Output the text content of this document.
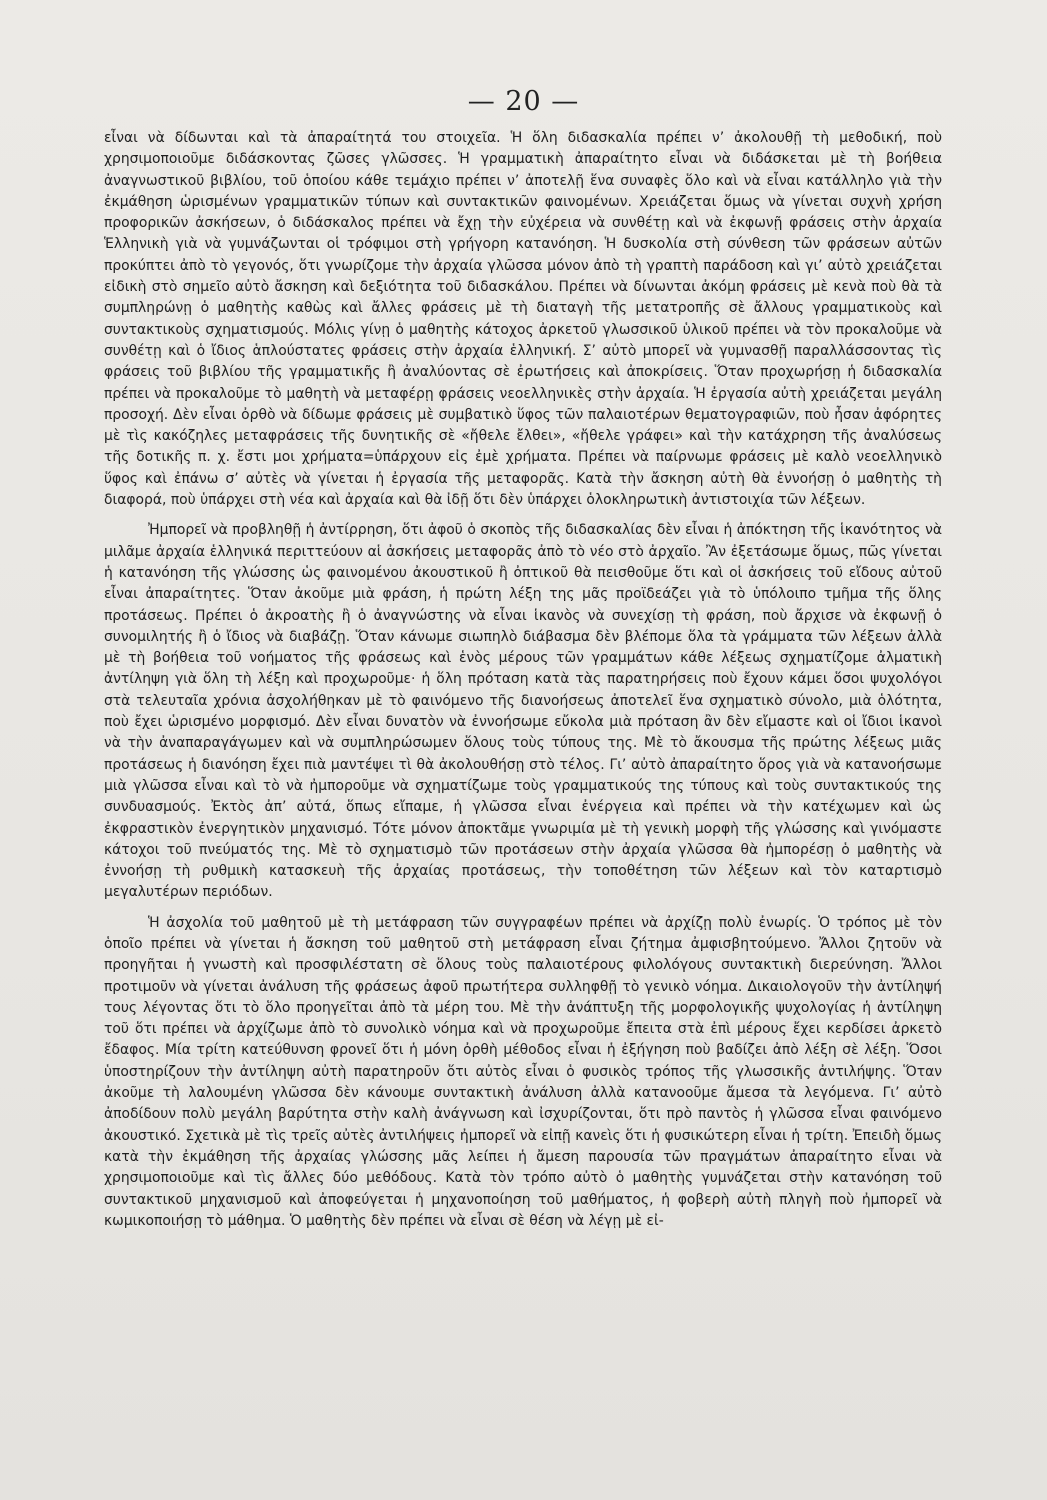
— 20 —

εἶναι νὰ δίδωνται καὶ τὰ ἀπαραίτητά του στοιχεῖα. Ἡ ὅλη διδασκαλία πρέπει ν’ ἀκολουθῇ τὴ μεθοδική, ποὺ χρησιμοποιοῦμε διδάσκοντας ζῶσες γλῶσσες. Ἡ γραμματικὴ ἀπαραίτητο εἶναι νὰ διδάσκεται μὲ τὴ βοήθεια ἀναγνωστικοῦ βιβλίου, τοῦ ὁποίου κάθε τεμάχιο πρέπει ν’ ἀποτελῇ ἕνα συναφὲς ὅλο καὶ νὰ εἶναι κατάλληλο γιὰ τὴν ἐκμάθηση ὡρισμένων γραμματικῶν τύπων καὶ συντακτικῶν φαινομένων. Χρειάζεται ὅμως νὰ γίνεται συχνὴ χρήση προφορικῶν ἀσκήσεων, ὁ διδάσκαλος πρέπει νὰ ἔχῃ τὴν εὐχέρεια νὰ συνθέτῃ καὶ νὰ ἐκφωνῇ φράσεις στὴν ἀρχαία Ἑλληνικὴ γιὰ νὰ γυμνάζωνται οἱ τρόφιμοι στὴ γρήγορη κατανόηση. Ἡ δυσκολία στὴ σύνθεση τῶν φράσεων αὐτῶν προκύπτει ἀπὸ τὸ γεγονός, ὅτι γνωρίζομε τὴν ἀρχαία γλῶσσα μόνον ἀπὸ τὴ γραπτὴ παράδοση καὶ γι’ αὐτὸ χρειάζεται εἰδικὴ στὸ σημεῖο αὐτὸ ἄσκηση καὶ δεξιότητα τοῦ διδασκάλου. Πρέπει νὰ δίνωνται ἀκόμη φράσεις μὲ κενὰ ποὺ θὰ τὰ συμπληρώνῃ ὁ μαθητὴς καθὼς καὶ ἄλλες φράσεις μὲ τὴ διαταγὴ τῆς μετατροπῆς σὲ ἄλλους γραμματικοὺς καὶ συντακτικοὺς σχηματισμούς. Μόλις γίνῃ ὁ μαθητὴς κάτοχος ἀρκετοῦ γλωσσικοῦ ὑλικοῦ πρέπει νὰ τὸν προκαλοῦμε νὰ συνθέτῃ καὶ ὁ ἴδιος ἁπλούστατες φράσεις στὴν ἀρχαία ἑλληνική. Σ’ αὐτὸ μπορεῖ νὰ γυμνασθῇ παραλλάσσοντας τὶς φράσεις τοῦ βιβλίου τῆς γραμματικῆς ἢ ἀναλύοντας σὲ ἐρωτήσεις καὶ ἀποκρίσεις. Ὅταν προχωρήσῃ ἡ διδασκαλία πρέπει νὰ προκαλοῦμε τὸ μαθητὴ νὰ μεταφέρῃ φράσεις νεοελληνικὲς στὴν ἀρχαία. Ἡ ἐργασία αὐτὴ χρειάζεται μεγάλη προσοχή. Δὲν εἶναι ὀρθὸ νὰ δίδωμε φράσεις μὲ συμβατικὸ ὕφος τῶν παλαιοτέρων θεματογραφιῶν, ποὺ ἦσαν ἀφόρητες μὲ τὶς κακόζηλες μεταφράσεις τῆς δυνητικῆς σὲ «ἤθελε ἔλθει», «ἤθελε γράφει» καὶ τὴν κατάχρηση τῆς ἀναλύσεως τῆς δοτικῆς π. χ. ἔστι μοι χρήματα=ὑπάρχουν εἰς ἐμὲ χρήματα. Πρέπει νὰ παίρνωμε φράσεις μὲ καλὸ νεοελληνικὸ ὕφος καὶ ἐπάνω σ’ αὐτὲς νὰ γίνεται ἡ ἐργασία τῆς μεταφορᾶς. Κατὰ τὴν ἄσκηση αὐτὴ θὰ ἐννοήσῃ ὁ μαθητὴς τὴ διαφορά, ποὺ ὑπάρχει στὴ νέα καὶ ἀρχαία καὶ θὰ ἰδῇ ὅτι δὲν ὑπάρχει ὁλοκληρωτικὴ ἀντιστοιχία τῶν λέξεων.

Ἠμπορεῖ νὰ προβληθῇ ἡ ἀντίρρηση, ὅτι ἀφοῦ ὁ σκοπὸς τῆς διδασκαλίας δὲν εἶναι ἡ ἀπόκτηση τῆς ἱκανότητος νὰ μιλᾶμε ἀρχαία ἑλληνικά περιττεύουν αἱ ἀσκήσεις μεταφορᾶς ἀπὸ τὸ νέο στὸ ἀρχαῖο. Ἂν ἐξετάσωμε ὅμως, πῶς γίνεται ἡ κατανόηση τῆς γλώσσης ὡς φαινομένου ἀκουστικοῦ ἢ ὀπτικοῦ θὰ πεισθοῦμε ὅτι καὶ οἱ ἀσκήσεις τοῦ εἴδους αὐτοῦ εἶναι ἀπαραίτητες. Ὅταν ἀκοῦμε μιὰ φράση, ἡ πρώτη λέξη της μᾶς προϊδεάζει γιὰ τὸ ὑπόλοιπο τμῆμα τῆς ὅλης προτάσεως. Πρέπει ὁ ἀκροατὴς ἢ ὁ ἀναγνώστης νὰ εἶναι ἱκανὸς νὰ συνεχίσῃ τὴ φράση, ποὺ ἄρχισε νὰ ἐκφωνῇ ὁ συνομιλητής ἢ ὁ ἴδιος νὰ διαβάζῃ. Ὅταν κάνωμε σιωπηλὸ διάβασμα δὲν βλέπομε ὅλα τὰ γράμματα τῶν λέξεων ἀλλὰ μὲ τὴ βοήθεια τοῦ νοήματος τῆς φράσεως καὶ ἑνὸς μέρους τῶν γραμμάτων κάθε λέξεως σχηματίζομε ἀλματικὴ ἀντίληψη γιὰ ὅλη τὴ λέξη καὶ προχωροῦμε· ἡ ὅλη πρόταση κατὰ τὰς παρατηρήσεις ποὺ ἔχουν κάμει ὅσοι ψυχολόγοι στὰ τελευταῖα χρόνια ἀσχολήθηκαν μὲ τὸ φαινόμενο τῆς διανοήσεως ἀποτελεῖ ἕνα σχηματικὸ σύνολο, μιὰ ὁλότητα, ποὺ ἔχει ὡρισμένο μορφισμό. Δὲν εἶναι δυνατὸν νὰ ἐννοήσωμε εὔκολα μιὰ πρόταση ἂν δὲν εἴμαστε καὶ οἱ ἴδιοι ἱκανοὶ νὰ τὴν ἀναπαραγάγωμεν καὶ νὰ συμπληρώσωμεν ὅλους τοὺς τύπους της. Μὲ τὸ ἄκουσμα τῆς πρώτης λέξεως μιᾶς προτάσεως ἡ διανόηση ἔχει πιὰ μαντέψει τὶ θὰ ἀκολουθήσῃ στὸ τέλος. Γι’ αὐτὸ ἀπαραίτητο ὅρος γιὰ νὰ κατανοήσωμε μιὰ γλῶσσα εἶναι καὶ τὸ νὰ ἠμποροῦμε νὰ σχηματίζωμε τοὺς γραμματικούς της τύπους καὶ τοὺς συντακτικούς της συνδυασμούς. Ἐκτὸς ἀπ’ αὐτά, ὅπως εἴπαμε, ἡ γλῶσσα εἶναι ἐνέργεια καὶ πρέπει νὰ τὴν κατέχωμεν καὶ ὡς ἐκφραστικὸν ἐνεργητικὸν μηχανισμό. Τότε μόνον ἀποκτᾶμε γνωριμία μὲ τὴ γενικὴ μορφὴ τῆς γλώσσης καὶ γινόμαστε κάτοχοι τοῦ πνεύματός της. Μὲ τὸ σχηματισμὸ τῶν προτάσεων στὴν ἀρχαία γλῶσσα θὰ ἠμπορέσῃ ὁ μαθητὴς νὰ ἐννοήσῃ τὴ ρυθμικὴ κατασκευὴ τῆς ἀρχαίας προτάσεως, τὴν τοποθέτηση τῶν λέξεων καὶ τὸν καταρτισμὸ μεγαλυτέρων περιόδων.

Ἡ ἀσχολία τοῦ μαθητοῦ μὲ τὴ μετάφραση τῶν συγγραφέων πρέπει νὰ ἀρχίζῃ πολὺ ἐνωρίς. Ὁ τρόπος μὲ τὸν ὁποῖο πρέπει νὰ γίνεται ἡ ἄσκηση τοῦ μαθητοῦ στὴ μετάφραση εἶναι ζήτημα ἀμφισβητούμενο. Ἄλλοι ζητοῦν νὰ προηγῆται ἡ γνωστὴ καὶ προσφιλέστατη σὲ ὅλους τοὺς παλαιοτέρους φιλολόγους συντακτικὴ διερεύνηση. Ἄλλοι προτιμοῦν νὰ γίνεται ἀνάλυση τῆς φράσεως ἀφοῦ πρωτήτερα συλληφθῇ τὸ γενικὸ νόημα. Δικαιολογοῦν τὴν ἀντίληψή τους λέγοντας ὅτι τὸ ὅλο προηγεῖται ἀπὸ τὰ μέρη του. Μὲ τὴν ἀνάπτυξη τῆς μορφολογικῆς ψυχολογίας ἡ ἀντίληψη τοῦ ὅτι πρέπει νὰ ἀρχίζωμε ἀπὸ τὸ συνολικὸ νόημα καὶ νὰ προχωροῦμε ἔπειτα στὰ ἐπὶ μέρους ἔχει κερδίσει ἀρκετὸ ἔδαφος. Μία τρίτη κατεύθυνση φρονεῖ ὅτι ἡ μόνη ὀρθὴ μέθοδος εἶναι ἡ ἐξήγηση ποὺ βαδίζει ἀπὸ λέξη σὲ λέξη. Ὅσοι ὑποστηρίζουν τὴν ἀντίληψη αὐτὴ παρατηροῦν ὅτι αὐτὸς εἶναι ὁ φυσικὸς τρόπος τῆς γλωσσικῆς ἀντιλήψης. Ὅταν ἀκοῦμε τὴ λαλουμένη γλῶσσα δὲν κάνουμε συντακτικὴ ἀνάλυση ἀλλὰ κατανοοῦμε ἄμεσα τὰ λεγόμενα. Γι’ αὐτὸ ἀποδίδουν πολὺ μεγάλη βαρύτητα στὴν καλὴ ἀνάγνωση καὶ ἰσχυρίζονται, ὅτι πρὸ παντὸς ἡ γλῶσσα εἶναι φαινόμενο ἀκουστικό. Σχετικὰ μὲ τὶς τρεῖς αὐτὲς ἀντιλήψεις ἠμπορεῖ νὰ εἰπῇ κανεὶς ὅτι ἡ φυσικώτερη εἶναι ἡ τρίτη. Ἐπειδὴ ὅμως κατὰ τὴν ἐκμάθηση τῆς ἀρχαίας γλώσσης μᾶς λείπει ἡ ἄμεση παρουσία τῶν πραγμάτων ἀπαραίτητο εἶναι νὰ χρησιμοποιοῦμε καὶ τὶς ἄλλες δύο μεθόδους. Κατὰ τὸν τρόπο αὐτὸ ὁ μαθητὴς γυμνάζεται στὴν κατανόηση τοῦ συντακτικοῦ μηχανισμοῦ καὶ ἀποφεύγεται ἡ μηχανοποίηση τοῦ μαθήματος, ἡ φοβερὴ αὐτὴ πληγὴ ποὺ ἠμπορεῖ νὰ κωμικοποιήσῃ τὸ μάθημα. Ὁ μαθητὴς δὲν πρέπει νὰ εἶναι σὲ θέση νὰ λέγῃ μὲ εἰ-
